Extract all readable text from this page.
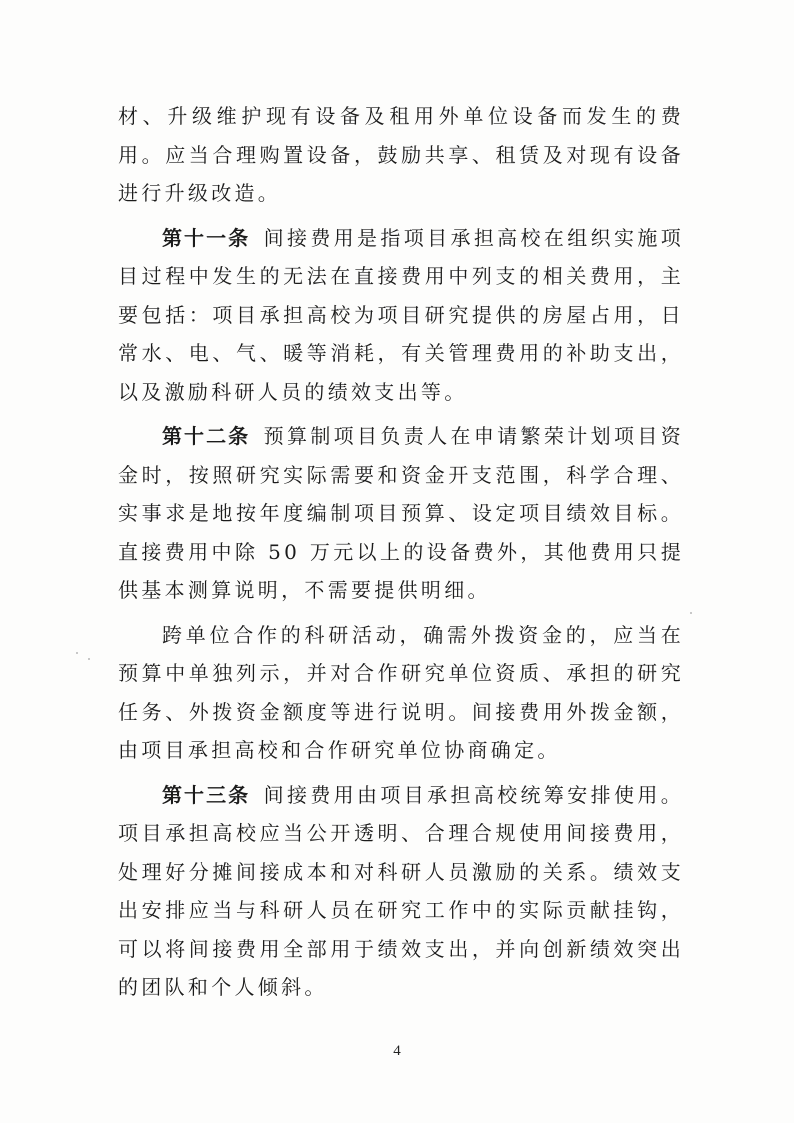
材、升级维护现有设备及租用外单位设备而发生的费用。应当合理购置设备，鼓励共享、租赁及对现有设备进行升级改造。

第十一条  间接费用是指项目承担高校在组织实施项目过程中发生的无法在直接费用中列支的相关费用，主要包括：项目承担高校为项目研究提供的房屋占用，日常水、电、气、暖等消耗，有关管理费用的补助支出，以及激励科研人员的绩效支出等。

第十二条  预算制项目负责人在申请繁荣计划项目资金时，按照研究实际需要和资金开支范围，科学合理、实事求是地按年度编制项目预算、设定项目绩效目标。直接费用中除 50 万元以上的设备费外，其他费用只提供基本测算说明，不需要提供明细。

跨单位合作的科研活动，确需外拨资金的，应当在预算中单独列示，并对合作研究单位资质、承担的研究任务、外拨资金额度等进行说明。间接费用外拨金额，由项目承担高校和合作研究单位协商确定。

第十三条  间接费用由项目承担高校统筹安排使用。项目承担高校应当公开透明、合理合规使用间接费用，处理好分摊间接成本和对科研人员激励的关系。绩效支出安排应当与科研人员在研究工作中的实际贡献挂钩，可以将间接费用全部用于绩效支出，并向创新绩效突出的团队和个人倾斜。

4
